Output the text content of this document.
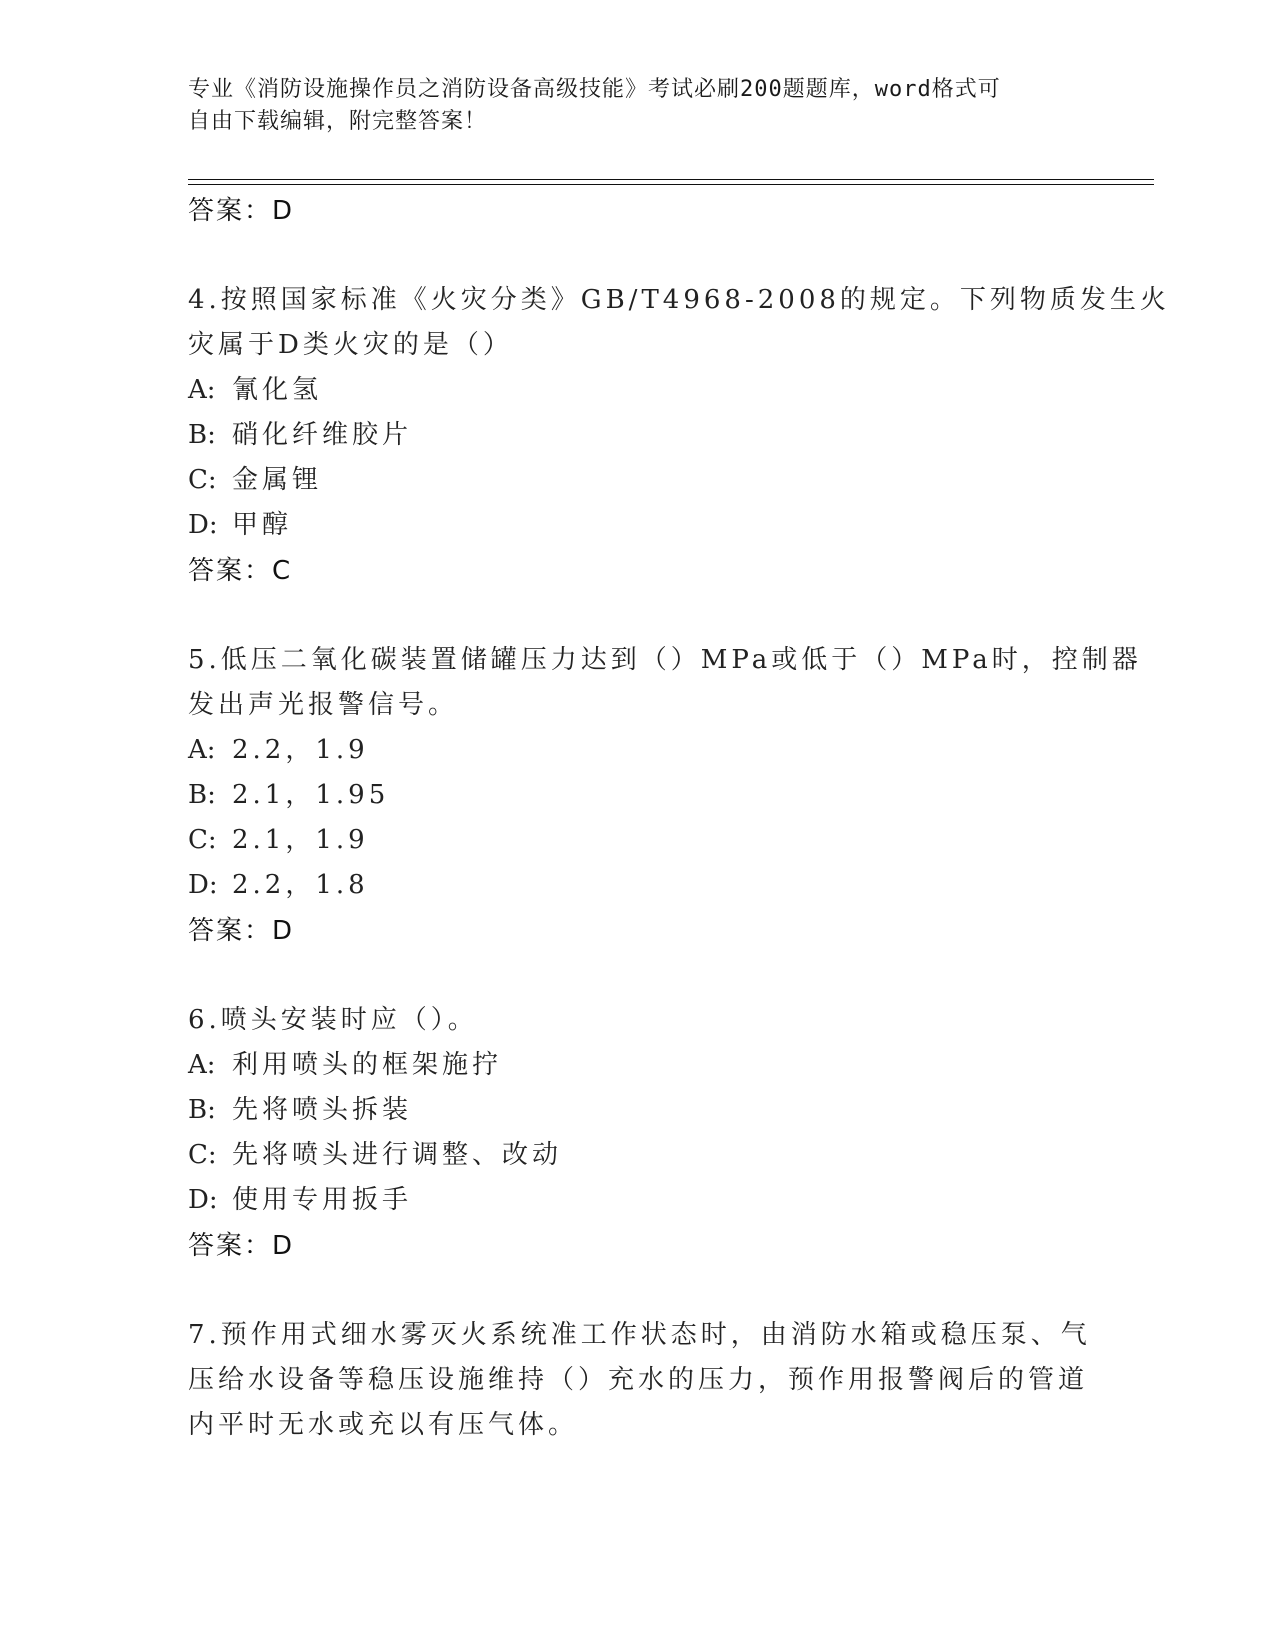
专业《消防设施操作员之消防设备高级技能》考试必刷200题题库，word格式可
自由下载编辑，附完整答案！
答案：D
4.按照国家标准《火灾分类》GB/T4968-2008的规定。下列物质发生火
灾属于D类火灾的是（）
A: 氰化氢
B: 硝化纤维胶片
C: 金属锂
D: 甲醇
答案：C
5.低压二氧化碳装置储罐压力达到（）MPa或低于（）MPa时，控制器
发出声光报警信号。
A: 2.2，1.9
B: 2.1，1.95
C: 2.1，1.9
D: 2.2，1.8
答案：D
6.喷头安装时应（）。
A: 利用喷头的框架施拧
B: 先将喷头拆装
C: 先将喷头进行调整、改动
D: 使用专用扳手
答案：D
7.预作用式细水雾灭火系统准工作状态时，由消防水箱或稳压泵、气
压给水设备等稳压设施维持（）充水的压力，预作用报警阀后的管道
内平时无水或充以有压气体。
